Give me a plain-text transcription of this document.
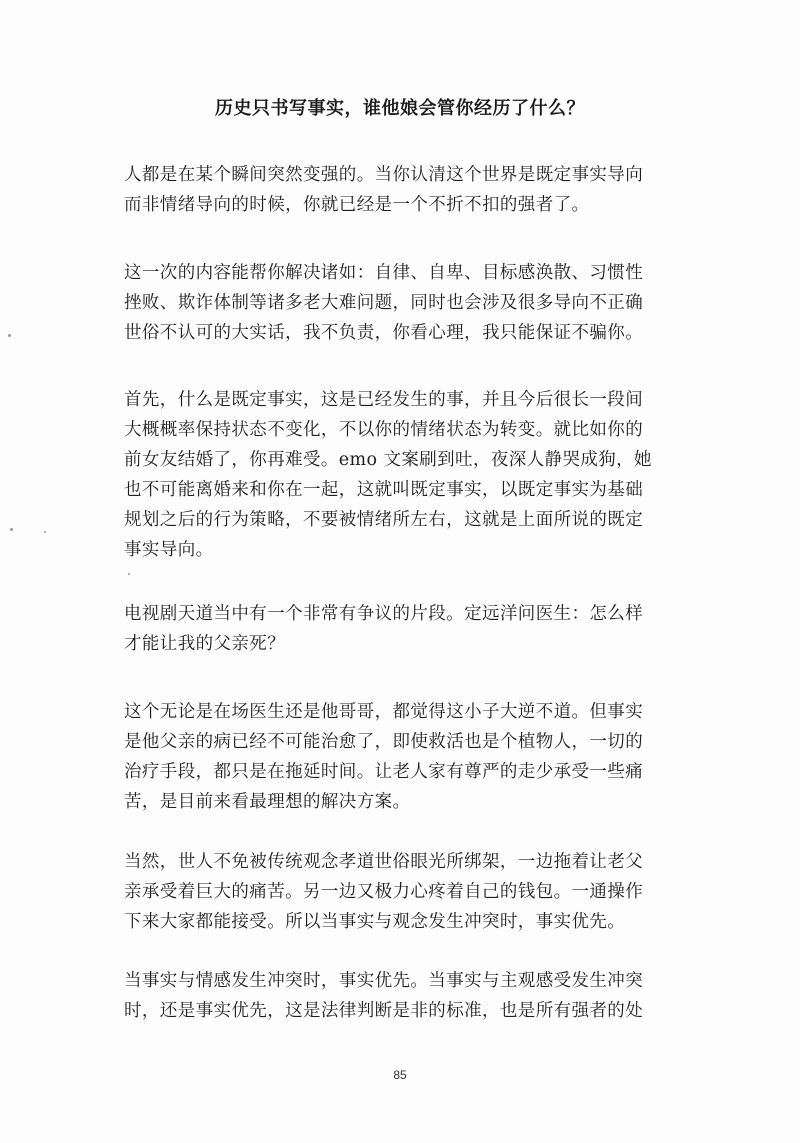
历史只书写事实，谁他娘会管你经历了什么？

人都是在某个瞬间突然变强的。当你认清这个世界是既定事实导向
而非情绪导向的时候，你就已经是一个不折不扣的强者了。

这一次的内容能帮你解决诸如：自律、自卑、目标感涣散、习惯性
挫败、欺诈体制等诸多老大难问题，同时也会涉及很多导向不正确
世俗不认可的大实话，我不负责，你看心理，我只能保证不骗你。

首先，什么是既定事实，这是已经发生的事，并且今后很长一段间
大概概率保持状态不变化，不以你的情绪状态为转变。就比如你的
前女友结婚了，你再难受。emo 文案刷到吐，夜深人静哭成狗，她
也不可能离婚来和你在一起，这就叫既定事实，以既定事实为基础
规划之后的行为策略，不要被情绪所左右，这就是上面所说的既定
事实导向。

电视剧天道当中有一个非常有争议的片段。定远洋问医生：怎么样
才能让我的父亲死？

这个无论是在场医生还是他哥哥，都觉得这小子大逆不道。但事实
是他父亲的病已经不可能治愈了，即使救活也是个植物人，一切的
治疗手段，都只是在拖延时间。让老人家有尊严的走少承受一些痛
苦，是目前来看最理想的解决方案。

当然，世人不免被传统观念孝道世俗眼光所绑架，一边拖着让老父
亲承受着巨大的痛苦。另一边又极力心疼着自己的钱包。一通操作
下来大家都能接受。所以当事实与观念发生冲突时，事实优先。

当事实与情感发生冲突时，事实优先。当事实与主观感受发生冲突
时，还是事实优先，这是法律判断是非的标准，也是所有强者的处

85
